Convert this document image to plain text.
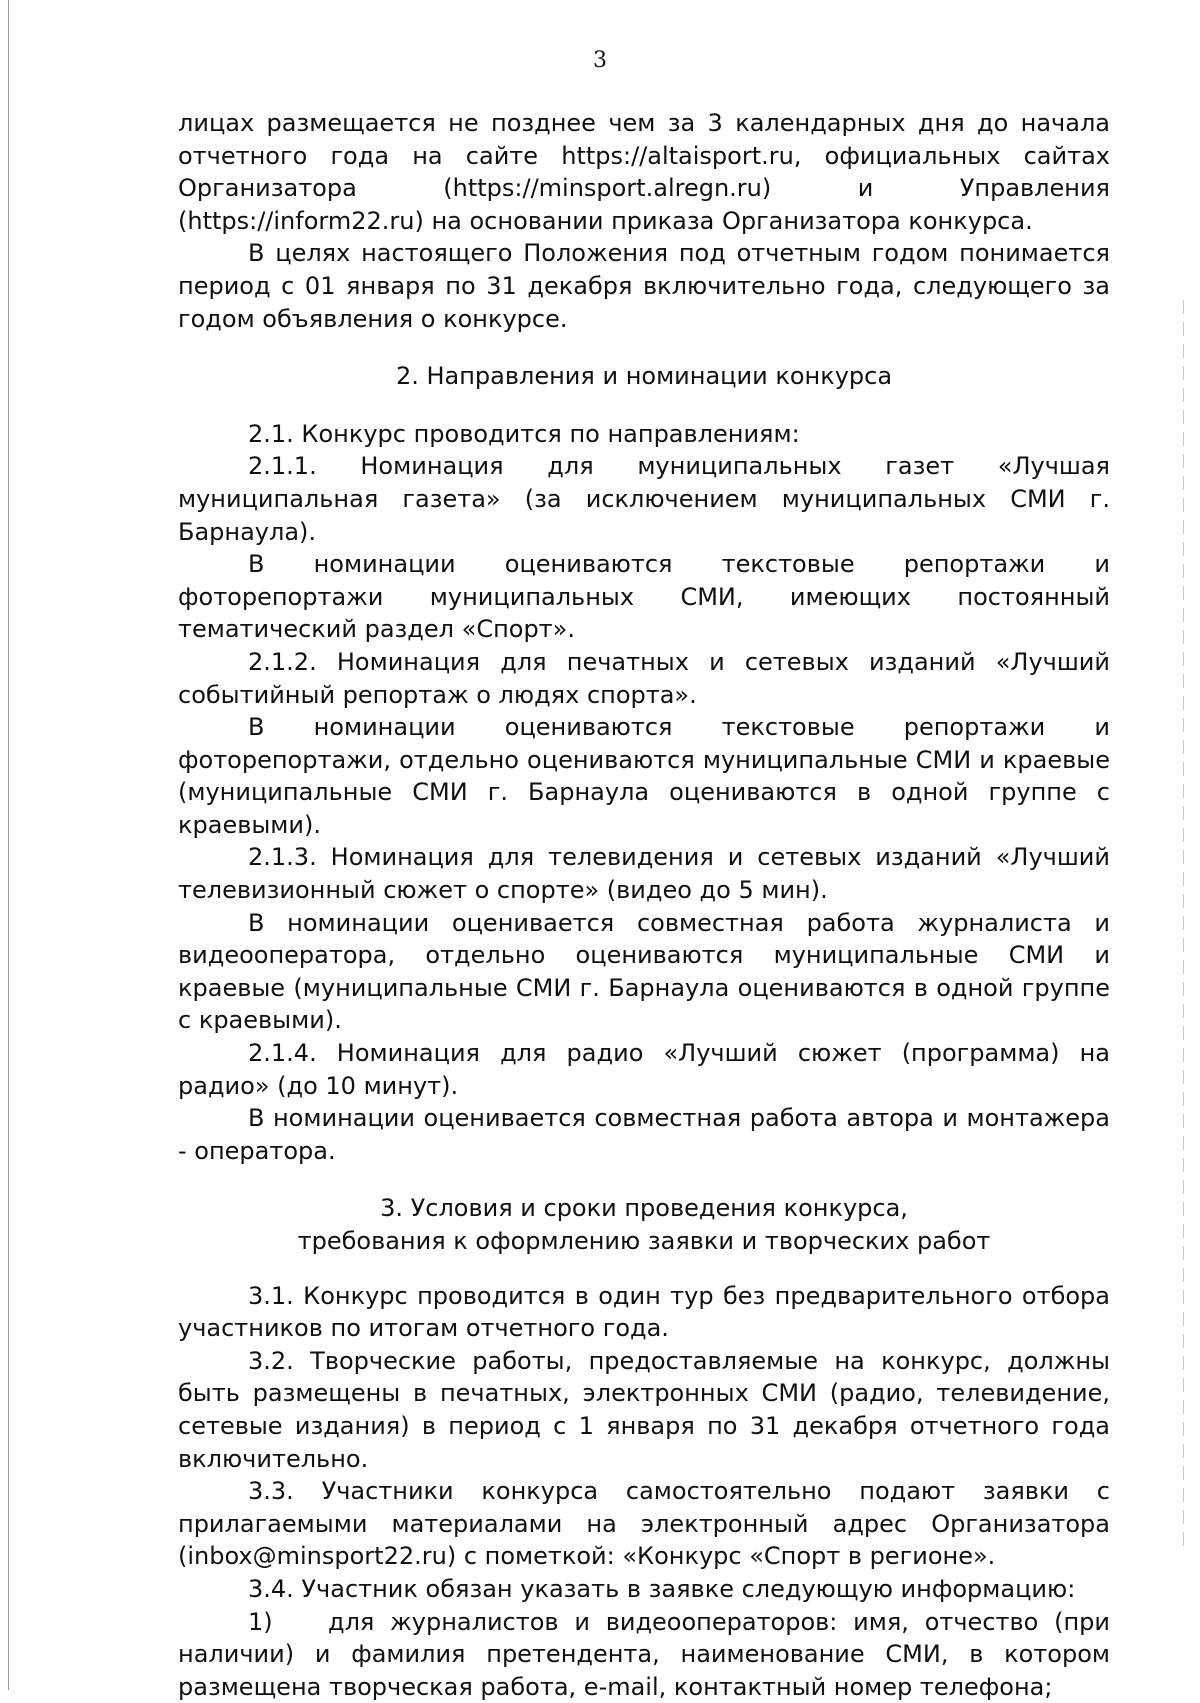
3

лицах размещается не позднее чем за 3 календарных дня до начала отчетного года на сайте https://altaisport.ru, официальных сайтах Организатора (https://minsport.alregn.ru) и Управления (https://inform22.ru) на основании приказа Организатора конкурса.

В целях настоящего Положения под отчетным годом понимается период с 01 января по 31 декабря включительно года, следующего за годом объявления о конкурсе.

2. Направления и номинации конкурса

2.1. Конкурс проводится по направлениям:

2.1.1. Номинация для муниципальных газет «Лучшая муниципальная газета» (за исключением муниципальных СМИ г. Барнаула).

В номинации оцениваются текстовые репортажи и фоторепортажи муниципальных СМИ, имеющих постоянный тематический раздел «Спорт».

2.1.2. Номинация для печатных и сетевых изданий «Лучший событийный репортаж о людях спорта».

В номинации оцениваются текстовые репортажи и фоторепортажи, отдельно оцениваются муниципальные СМИ и краевые (муниципальные СМИ г. Барнаула оцениваются в одной группе с краевыми).

2.1.3. Номинация для телевидения и сетевых изданий «Лучший телевизионный сюжет о спорте» (видео до 5 мин).

В номинации оценивается совместная работа журналиста и видеооператора, отдельно оцениваются муниципальные СМИ и краевые (муниципальные СМИ г. Барнаула оцениваются в одной группе с краевыми).

2.1.4. Номинация для радио «Лучший сюжет (программа) на радио» (до 10 минут).

В номинации оценивается совместная работа автора и монтажера - оператора.

3. Условия и сроки проведения конкурса,
требования к оформлению заявки и творческих работ

3.1. Конкурс проводится в один тур без предварительного отбора участников по итогам отчетного года.

3.2. Творческие работы, предоставляемые на конкурс, должны быть размещены в печатных, электронных СМИ (радио, телевидение, сетевые издания) в период с 1 января по 31 декабря отчетного года включительно.

3.3. Участники конкурса самостоятельно подают заявки с прилагаемыми материалами на электронный адрес Организатора (inbox@minsport22.ru) с пометкой: «Конкурс «Спорт в регионе».

3.4. Участник обязан указать в заявке следующую информацию:

1) для журналистов и видеооператоров: имя, отчество (при наличии) и фамилия претендента, наименование СМИ, в котором размещена творческая работа, e-mail, контактный номер телефона;
